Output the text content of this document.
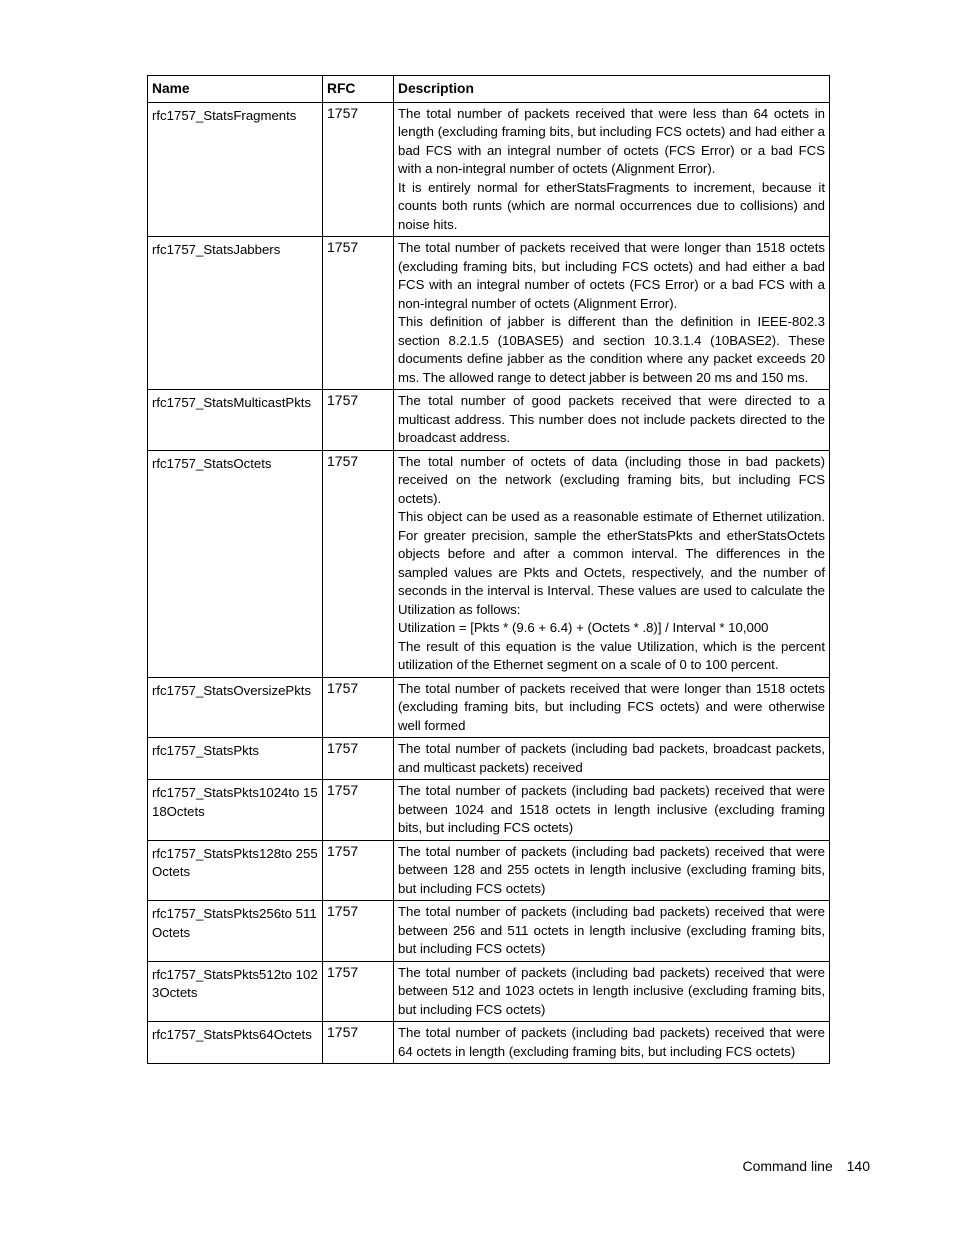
Name	RFC	Description
rfc1757_StatsFragments	1757	The total number of packets received that were less than 64 octets in length (excluding framing bits, but including FCS octets) and had either a bad FCS with an integral number of octets (FCS Error) or a bad FCS with a non-integral number of octets (Alignment Error).
It is entirely normal for etherStatsFragments to increment, because it counts both runts (which are normal occurrences due to collisions) and noise hits.

rfc1757_StatsJabbers	1757	The total number of packets received that were longer than 1518 octets (excluding framing bits, but including FCS octets) and had either a bad FCS with an integral number of octets (FCS Error) or a bad FCS with a non-integral number of octets (Alignment Error).
This definition of jabber is different than the definition in IEEE-802.3 section 8.2.1.5 (10BASE5) and section 10.3.1.4 (10BASE2). These documents define jabber as the condition where any packet exceeds 20 ms. The allowed range to detect jabber is between 20 ms and 150 ms.

rfc1757_StatsMulticastPkts	1757	The total number of good packets received that were directed to a multicast address. This number does not include packets directed to the broadcast address.

rfc1757_StatsOctets	1757	The total number of octets of data (including those in bad packets) received on the network (excluding framing bits, but including FCS octets).
This object can be used as a reasonable estimate of Ethernet utilization. For greater precision, sample the etherStatsPkts and etherStatsOctets objects before and after a common interval. The differences in the sampled values are Pkts and Octets, respectively, and the number of seconds in the interval is Interval. These values are used to calculate the Utilization as follows:
Utilization = [Pkts * (9.6 + 6.4) + (Octets * .8)] / Interval * 10,000
The result of this equation is the value Utilization, which is the percent utilization of the Ethernet segment on a scale of 0 to 100 percent.

rfc1757_StatsOversizePkts	1757	The total number of packets received that were longer than 1518 octets (excluding framing bits, but including FCS octets) and were otherwise well formed

rfc1757_StatsPkts	1757	The total number of packets (including bad packets, broadcast packets, and multicast packets) received

rfc1757_StatsPkts1024to 1518Octets	1757	The total number of packets (including bad packets) received that were between 1024 and 1518 octets in length inclusive (excluding framing bits, but including FCS octets)

rfc1757_StatsPkts128to 255Octets	1757	The total number of packets (including bad packets) received that were between 128 and 255 octets in length inclusive (excluding framing bits, but including FCS octets)

rfc1757_StatsPkts256to 511Octets	1757	The total number of packets (including bad packets) received that were between 256 and 511 octets in length inclusive (excluding framing bits, but including FCS octets)

rfc1757_StatsPkts512to 1023Octets	1757	The total number of packets (including bad packets) received that were between 512 and 1023 octets in length inclusive (excluding framing bits, but including FCS octets)

rfc1757_StatsPkts64Octets	1757	The total number of packets (including bad packets) received that were 64 octets in length (excluding framing bits, but including FCS octets)
Command line 140
